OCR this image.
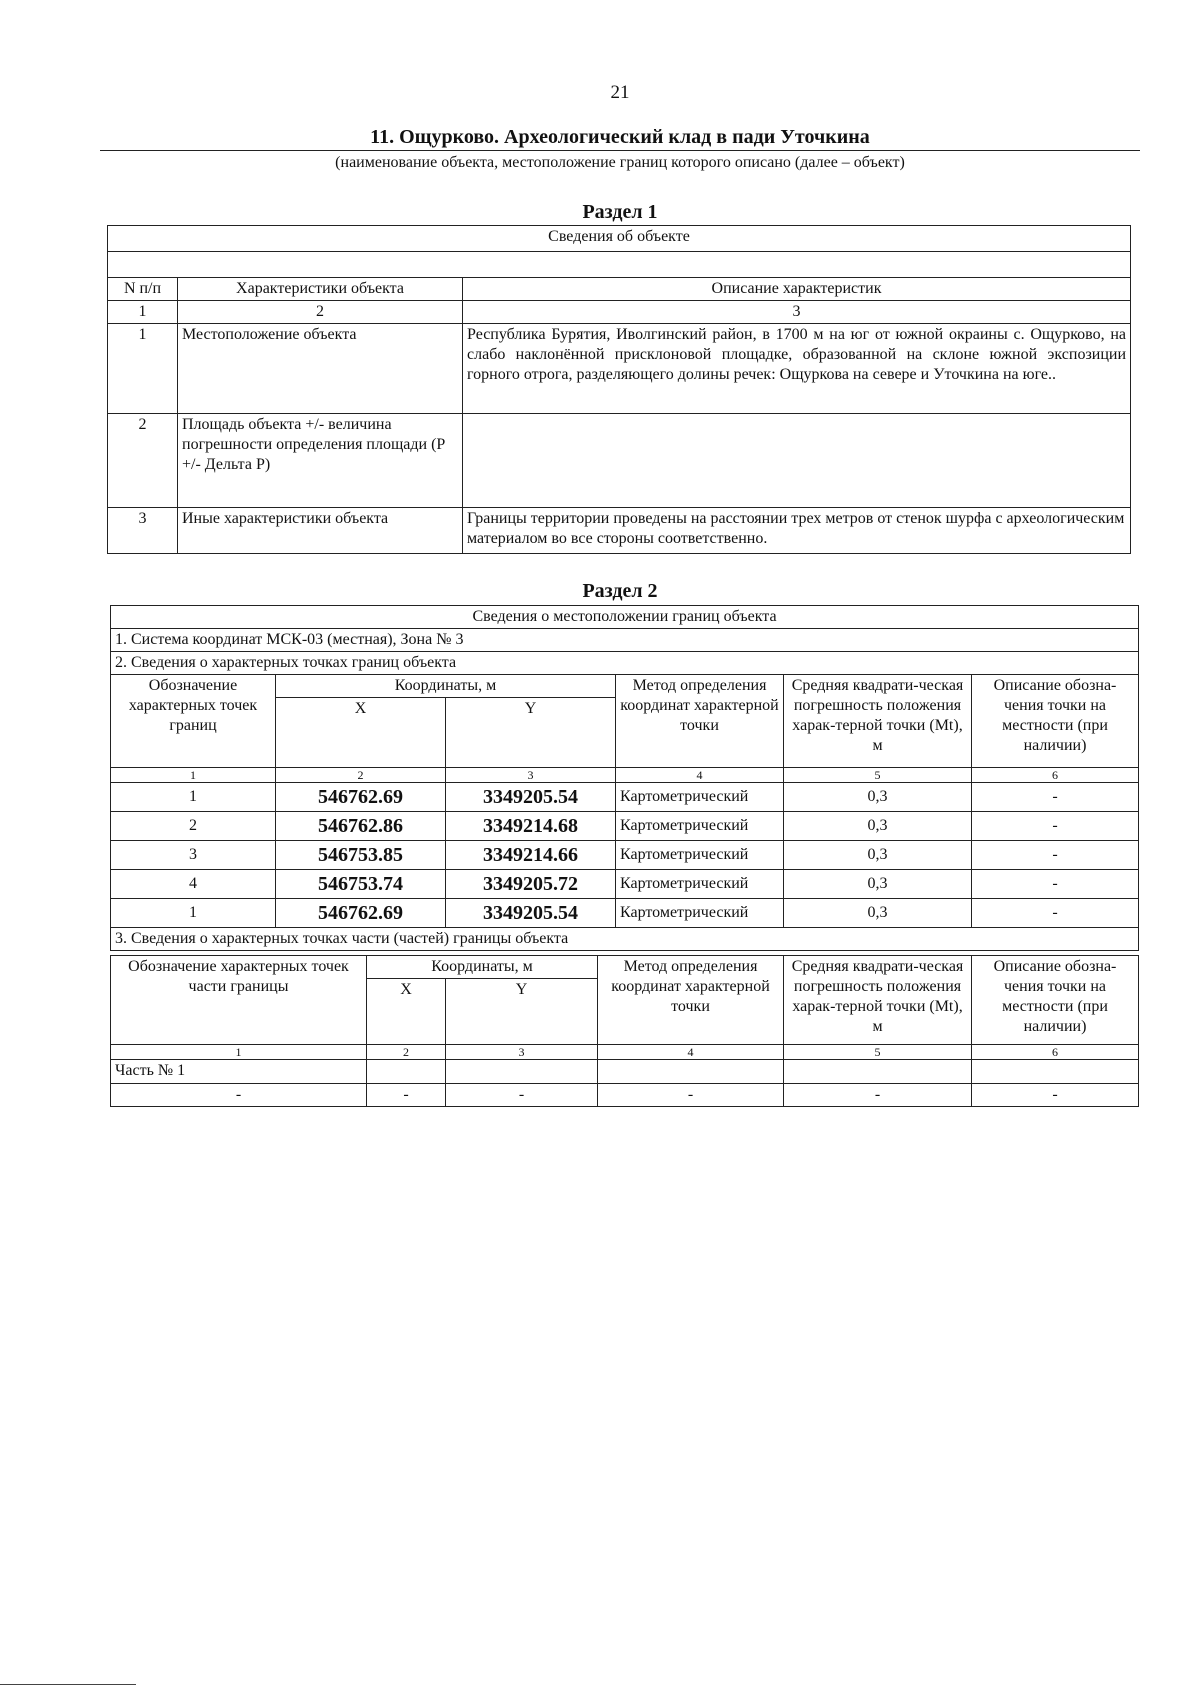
21
11. Ощурково. Археологический клад в пади Уточкина
(наименование объекта, местоположение границ которого описано (далее – объект)
Раздел 1
Сведения об объекте		

N п/п	Характеристики объекта	Описание характеристик
1	2	3
1	Местоположение объекта	Республика Бурятия, Иволгинский район, в 1700 м на юг от южной окраины с. Ощурково, на слабо наклонённой присклоновой площадке, образованной на склоне южной экспозиции горного отрога, разделяющего долины речек: Ощуркова на севере и Уточкина на юге..
2	Площадь объекта +/- величина погрешности определения площади (P +/- Дельта P)	
3	Иные характеристики объекта	Границы территории проведены на расстоянии трех метров от стенок шурфа с археологическим материалом во все стороны соответственно.
Раздел 2
Сведения о местоположении границ объекта					
1. Система координат МСК-03 (местная), Зона № 3					
2. Сведения о характерных точках границ объекта					
Обозначение характерных точек границ	Координаты, м		Метод определения координат характерной точки	Средняя квадрати-ческая погрешность положения харак-терной точки (Mt), м	Описание обозна-чения точки на местности (при наличии)
	X	Y			
1	2	3	4	5	6
1	546762.69	3349205.54	Картометрический	0,3	-
2	546762.86	3349214.68	Картометрический	0,3	-
3	546753.85	3349214.66	Картометрический	0,3	-
4	546753.74	3349205.72	Картометрический	0,3	-
1	546762.69	3349205.54	Картометрический	0,3	-
3. Сведения о характерных точках части (частей) границы объекта					
Обозначение характерных точек части границы	Координаты, м		Метод определения координат характерной точки	Средняя квадрати-ческая погрешность положения харак-терной точки (Mt), м	Описание обозна-чения точки на местности (при наличии)
	X	Y			
1	2	3	4	5	6
Часть № 1					
-	-	-	-	-	-
